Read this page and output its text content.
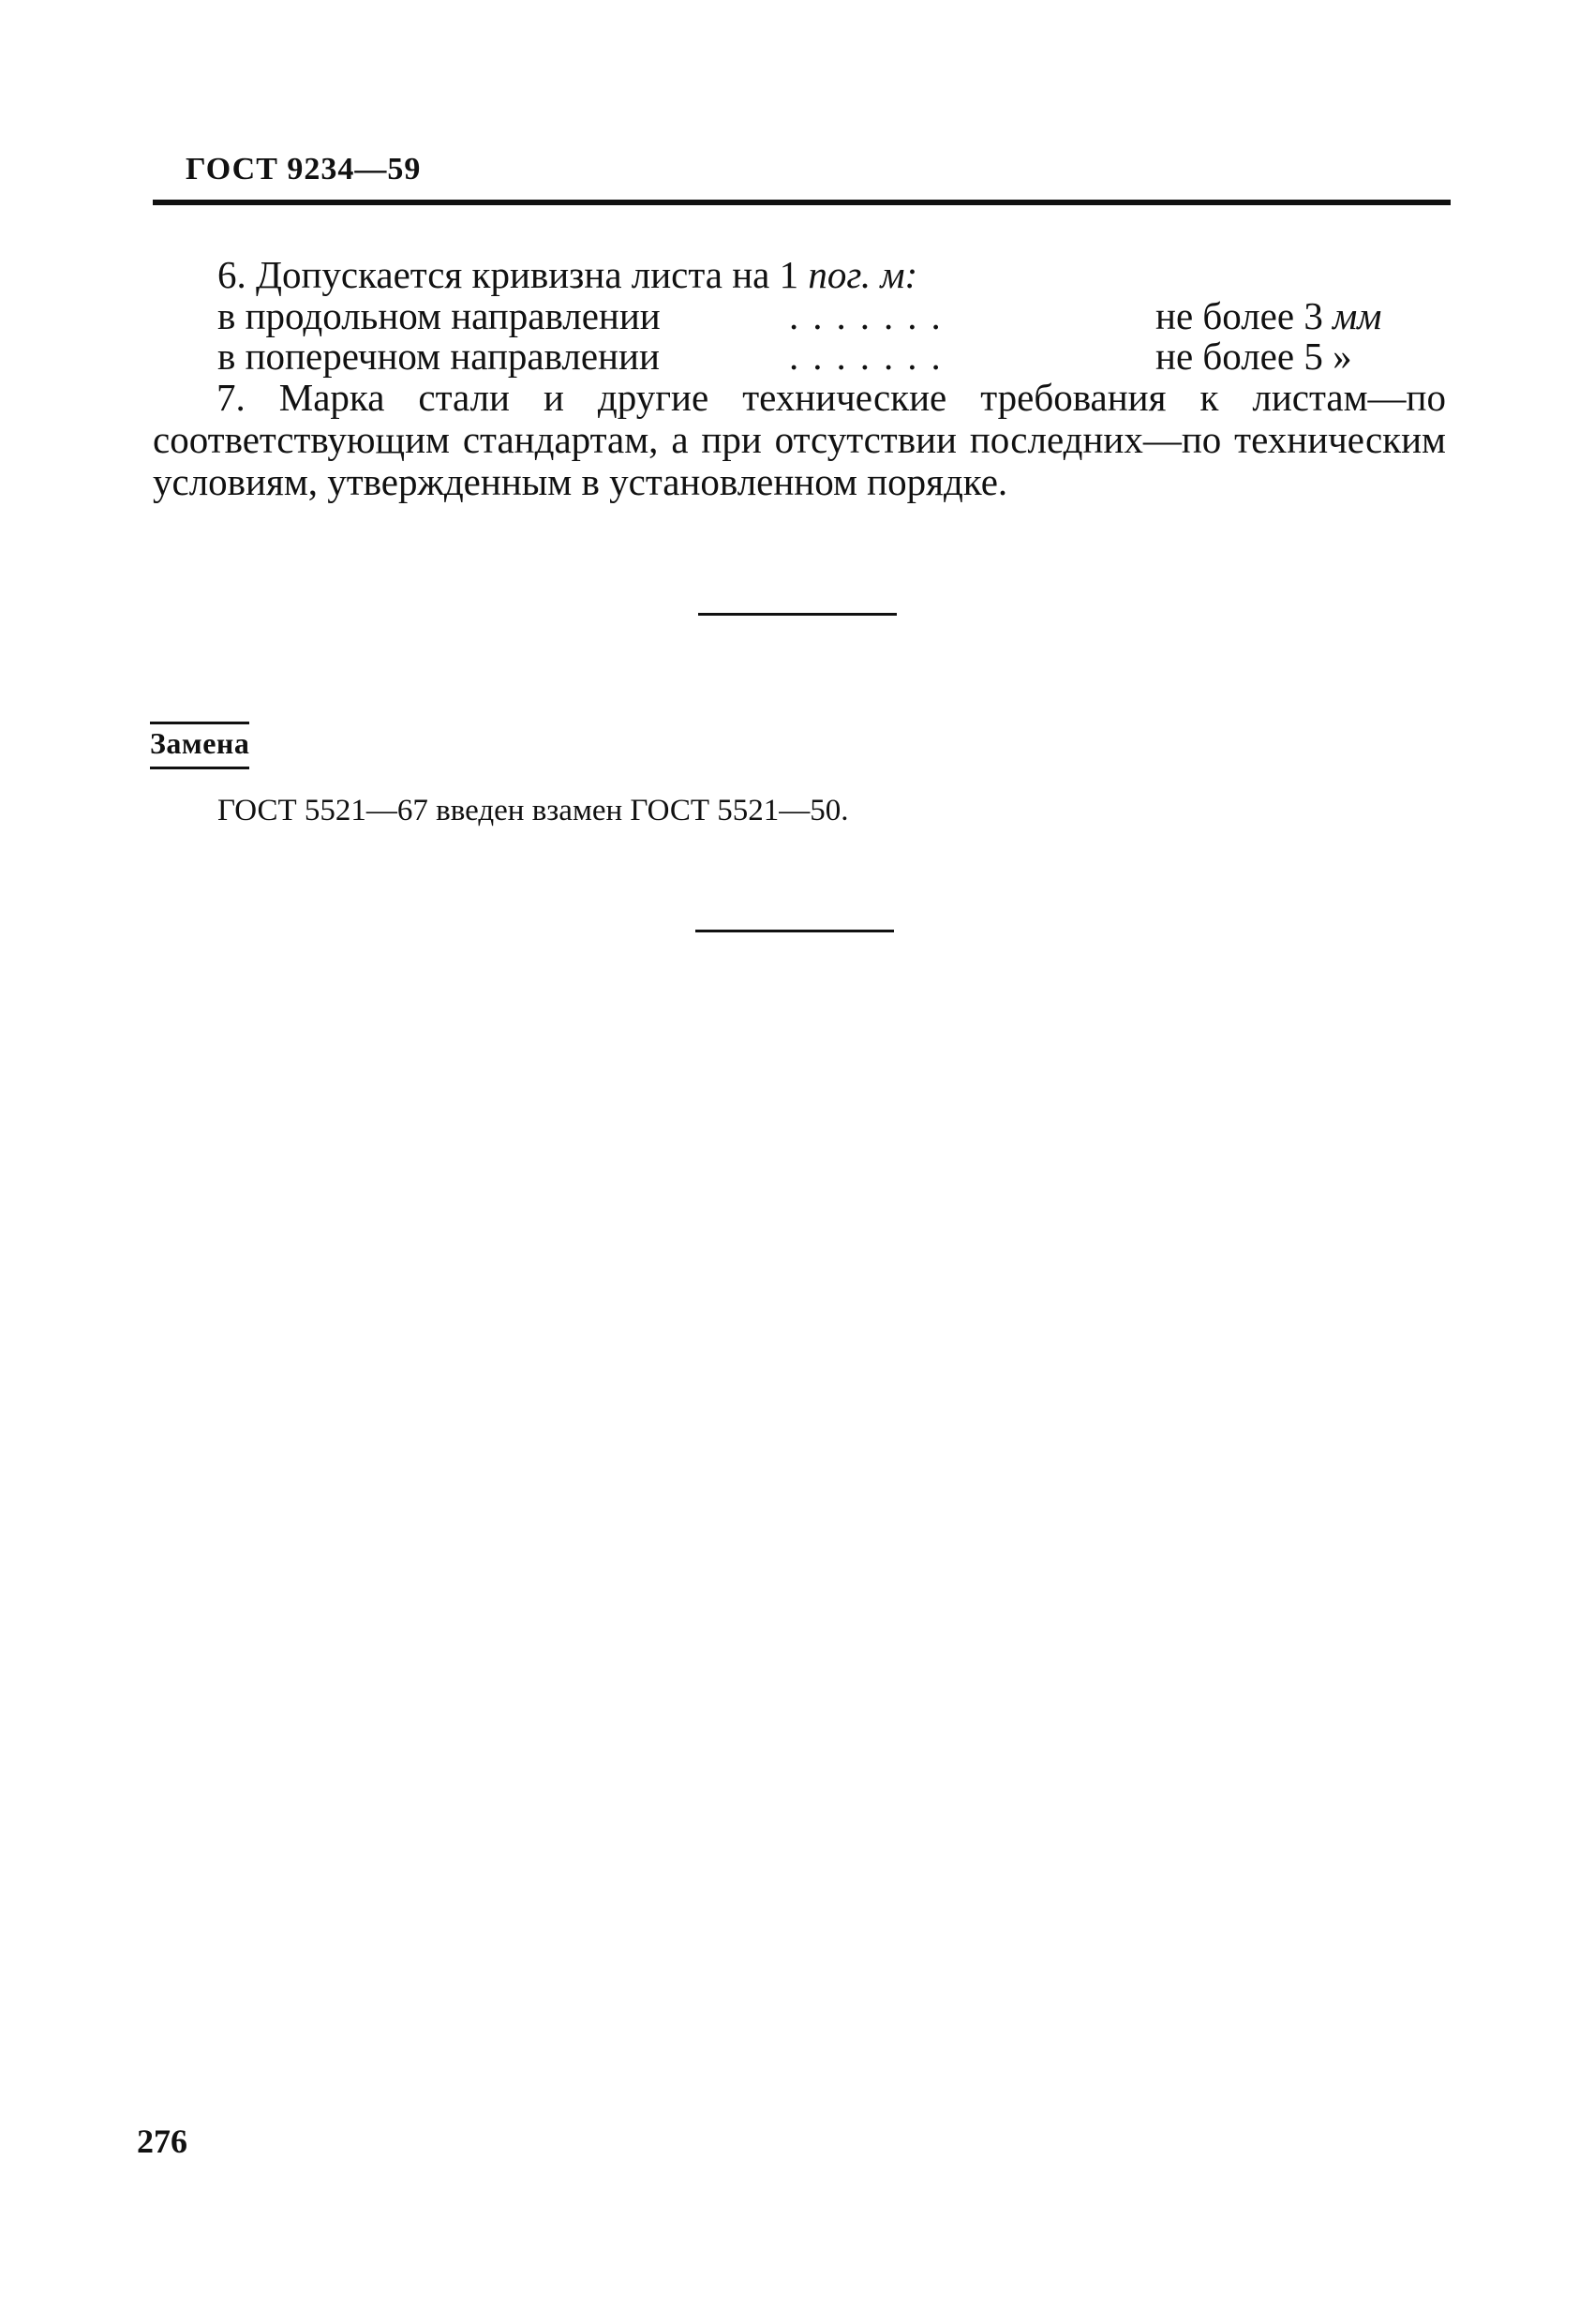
ГОСТ 9234—59
6. Допускается кривизна листа на 1 пог. м:
в продольном направлении	.......	не более 3 мм
в поперечном направлении	.......	не более 5 »
7. Марка стали и другие технические требования к листам—по соответствующим стандартам, а при отсутствии последних—по техническим условиям, утвержденным в установленном порядке.
Замена
ГОСТ 5521—67 введен взамен ГОСТ 5521—50.
276
